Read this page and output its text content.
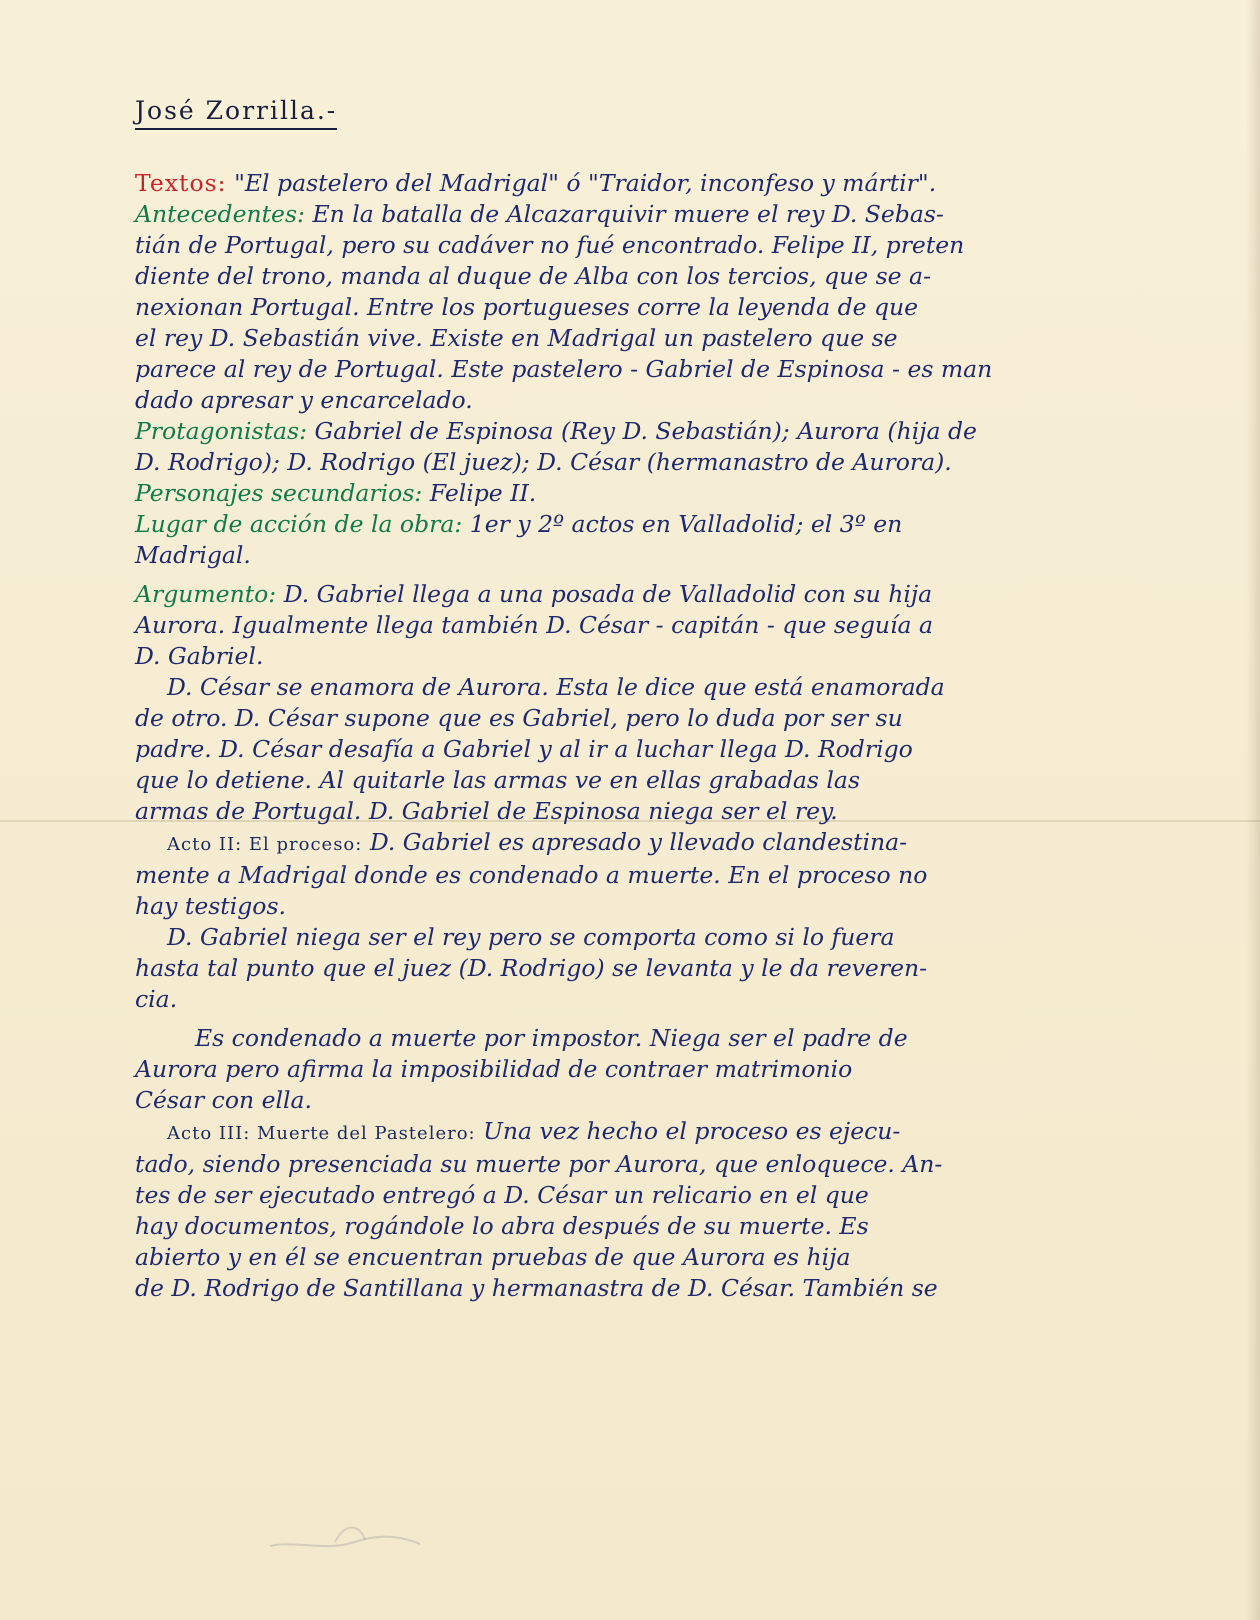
José Zorrilla.-
Textos: "El pastelero del Madrigal" ó "Traidor, inconfeso y mártir".
Antecedentes: En la batalla de Alcazarquivir muere el rey D. Sebas-
tián de Portugal, pero su cadáver no fué encontrado. Felipe II, preten
diente del trono, manda al duque de Alba con los tercios, que se a-
nexionan Portugal. Entre los portugueses corre la leyenda de que
el rey D. Sebastián vive. Existe en Madrigal un pastelero que se
parece al rey de Portugal. Este pastelero - Gabriel de Espinosa - es man
dado apresar y encarcelado.
Protagonistas: Gabriel de Espinosa (Rey D. Sebastián); Aurora (hija de
D. Rodrigo); D. Rodrigo (El juez); D. César (hermanastro de Aurora).
Personajes secundarios: Felipe II.
Lugar de acción de la obra: 1er y 2º actos en Valladolid; el 3º en
Madrigal.
Argumento: D. Gabriel llega a una posada de Valladolid con su hija
Aurora. Igualmente llega también D. César - capitán - que seguía a
D. Gabriel.
D. César se enamora de Aurora. Esta le dice que está enamorada
de otro. D. César supone que es Gabriel, pero lo duda por ser su
padre. D. César desafía a Gabriel y al ir a luchar llega D. Rodrigo
que lo detiene. Al quitarle las armas ve en ellas grabadas las
armas de Portugal. D. Gabriel de Espinosa niega ser el rey.
Acto II: El proceso: D. Gabriel es apresado y llevado clandestina-
mente a Madrigal donde es condenado a muerte. En el proceso no
hay testigos.
D. Gabriel niega ser el rey pero se comporta como si lo fuera
hasta tal punto que el juez (D. Rodrigo) se levanta y le da reveren-
cia.
Es condenado a muerte por impostor. Niega ser el padre de
Aurora pero afirma la imposibilidad de contraer matrimonio
César con ella.
Acto III: Muerte del Pastelero: Una vez hecho el proceso es ejecu-
tado, siendo presenciada su muerte por Aurora, que enloquece. An-
tes de ser ejecutado entregó a D. César un relicario en el que
hay documentos, rogándole lo abra después de su muerte. Es
abierto y en él se encuentran pruebas de que Aurora es hija
de D. Rodrigo de Santillana y hermanastra de D. César. También se
